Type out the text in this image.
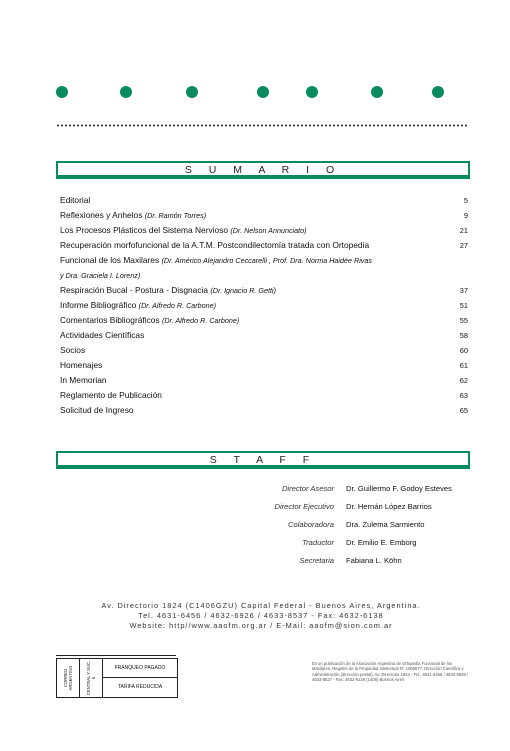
S U M A R I O
Editorial	5
Reflexiones y Anhelos (Dr. Ramón Torres)	9
Los Procesos Plásticos del Sistema Nervioso (Dr. Nelson Annunciato)	21
Recuperación morfofuncional de la A.T.M. Postcondilectomía tratada con Ortopedia	27
Funcional de los Maxilares (Dr. Américo Alejandro Ceccarelli , Prof. Dra. Norma Haidée Rivas
y Dra. Graciela I. Lorenz)
Respiración Bucal - Postura - Disgnacia (Dr. Ignacio R. Getti)	37
Informe Bibliográfico (Dr. Alfredo R. Carbone)	51
Comentarios Bibliográficos (Dr. Alfredo R. Carbone)	55
Actividades Científicas	58
Socios	60
Homenajes	61
In Memorian	62
Reglamento de Publicación	63
Solicitud de Ingreso	65
S T A F F
Director Asesor Dr. Guillermo F. Godoy Esteves
Director Ejecutivo Dr. Hernán López Barrios
Colaboradora Dra. Zulema Sarmiento
Traductor Dr. Emilio E. Emborg
Secretaria Fabiana L. Köhn
Av. Directorio 1824 (C1406GZU) Capital Federal - Buenos Aires, Argentina.
Tel. 4631-6456 / 4632-6926 / 4633-8537 - Fax: 4632-6138
Website: http//www.aaofm.org.ar / E-Mail: aaofm@sion.com.ar
CORREO ARGENTINO	CENTRAL Y SUC. 6
FRANQUEO PAGADO
TARIFA REDUCIDA
Es un publicación de la Asociación Argentina de Ortopedia Funcional de los Maxilares. Registro de la Propiedad Intelectual N° 1066577. Dirección Científica y Administración (dirección postal), Av. Directorio 1824 - Tel.: 4631-6456 / 4632-6926 / 4633-8537 - Fax: 4632-6138 (1406) Buenos Aires
